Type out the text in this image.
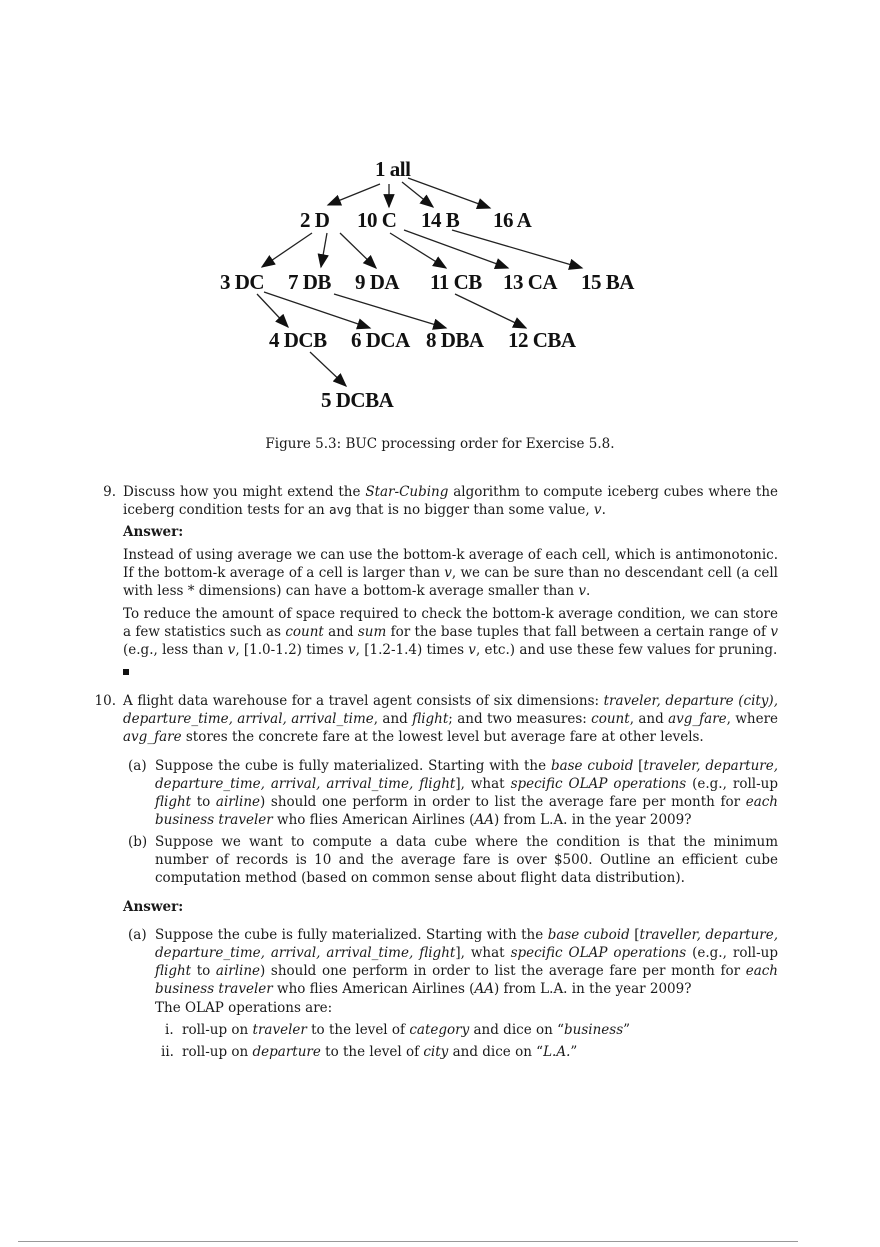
1 all
2 D 10 C 14 B 16 A
3 DC 7 DB 9 DA 11 CB 13 CA 15 BA
4 DCB 6 DCA 8 DBA 12 CBA
5 DCBA
Figure 5.3: BUC processing order for Exercise 5.8.
9. Discuss how you might extend the Star-Cubing algorithm to compute iceberg cubes where the iceberg condition tests for an avg that is no bigger than some value, v.
Answer:
Instead of using average we can use the bottom-k average of each cell, which is antimonotonic. If the bottom-k average of a cell is larger than v, we can be sure than no descendant cell (a cell with less * dimensions) can have a bottom-k average smaller than v.
To reduce the amount of space required to check the bottom-k average condition, we can store a few statistics such as count and sum for the base tuples that fall between a certain range of v (e.g., less than v, [1.0-1.2) times v, [1.2-1.4) times v, etc.) and use these few values for pruning.
10. A flight data warehouse for a travel agent consists of six dimensions: traveler, departure (city), departure_time, arrival, arrival_time, and flight; and two measures: count, and avg_fare, where avg_fare stores the concrete fare at the lowest level but average fare at other levels.
(a) Suppose the cube is fully materialized. Starting with the base cuboid [traveler, departure, departure_time, arrival, arrival_time, flight], what specific OLAP operations (e.g., roll-up flight to airline) should one perform in order to list the average fare per month for each business traveler who flies American Airlines (AA) from L.A. in the year 2009?
(b) Suppose we want to compute a data cube where the condition is that the minimum number of records is 10 and the average fare is over $500. Outline an efficient cube computation method (based on common sense about flight data distribution).
Answer:
(a) Suppose the cube is fully materialized. Starting with the base cuboid [traveller, departure, departure_time, arrival, arrival_time, flight], what specific OLAP operations (e.g., roll-up flight to airline) should one perform in order to list the average fare per month for each business traveler who flies American Airlines (AA) from L.A. in the year 2009?
The OLAP operations are:
i. roll-up on traveler to the level of category and dice on “business”
ii. roll-up on departure to the level of city and dice on “L.A.”
